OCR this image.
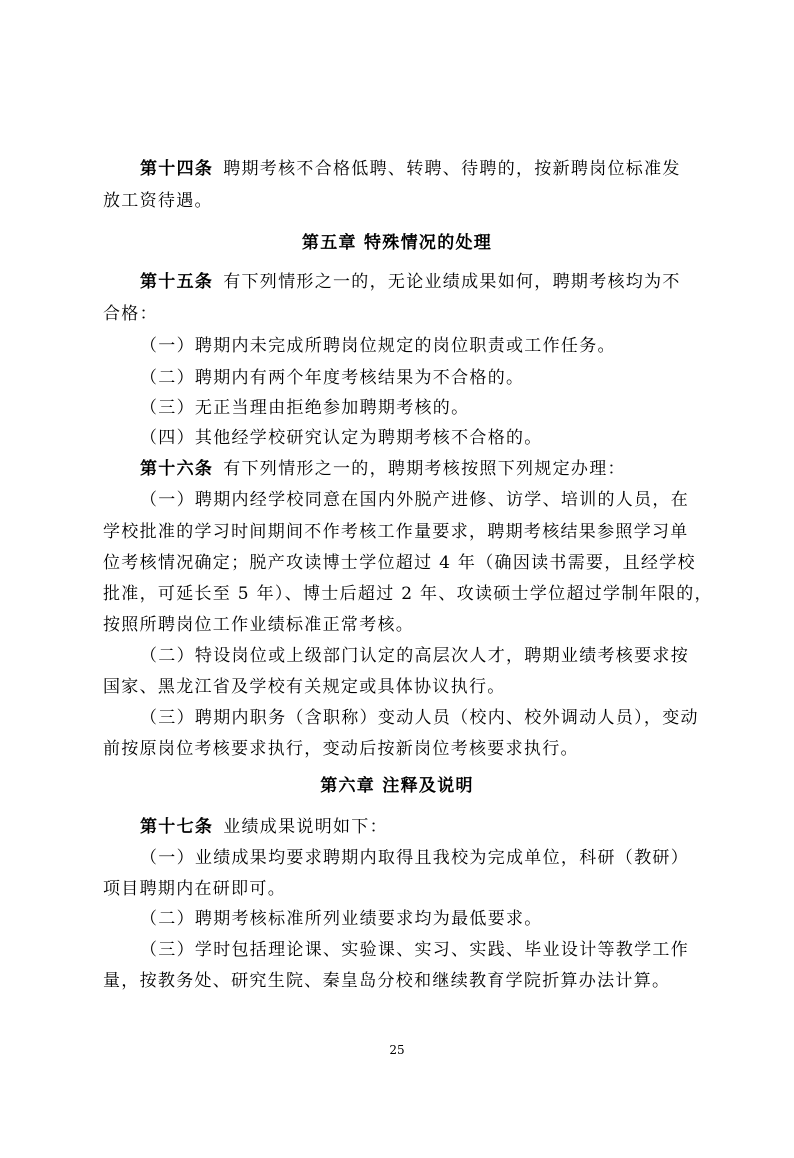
第十四条 聘期考核不合格低聘、转聘、待聘的，按新聘岗位标准发
放工资待遇。
第五章 特殊情况的处理
第十五条 有下列情形之一的，无论业绩成果如何，聘期考核均为不
合格：
（一）聘期内未完成所聘岗位规定的岗位职责或工作任务。
（二）聘期内有两个年度考核结果为不合格的。
（三）无正当理由拒绝参加聘期考核的。
（四）其他经学校研究认定为聘期考核不合格的。
第十六条 有下列情形之一的，聘期考核按照下列规定办理：
（一）聘期内经学校同意在国内外脱产进修、访学、培训的人员，在
学校批准的学习时间期间不作考核工作量要求，聘期考核结果参照学习单
位考核情况确定；脱产攻读博士学位超过 4 年（确因读书需要，且经学校
批准，可延长至 5 年）、博士后超过 2 年、攻读硕士学位超过学制年限的，
按照所聘岗位工作业绩标准正常考核。
（二）特设岗位或上级部门认定的高层次人才，聘期业绩考核要求按
国家、黑龙江省及学校有关规定或具体协议执行。
（三）聘期内职务（含职称）变动人员（校内、校外调动人员），变动
前按原岗位考核要求执行，变动后按新岗位考核要求执行。
第六章 注释及说明
第十七条 业绩成果说明如下：
（一）业绩成果均要求聘期内取得且我校为完成单位，科研（教研）
项目聘期内在研即可。
（二）聘期考核标准所列业绩要求均为最低要求。
（三）学时包括理论课、实验课、实习、实践、毕业设计等教学工作
量，按教务处、研究生院、秦皇岛分校和继续教育学院折算办法计算。
25
